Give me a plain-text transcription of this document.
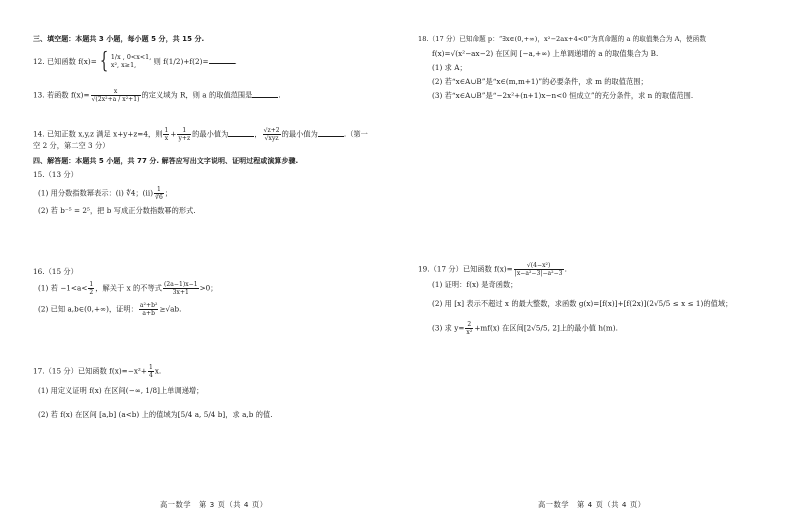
三、填空题：本题共 3 小题，每小题 5 分，共 15 分.
12. 已知函数 f(x)= { 1/x , 0<x<1,
x², x≥1, 则 f(1/2)+f(2)=	.
13. 若函数 $f(x)= \frac{x}{\text{√(2x²+a / x²+1)}}$ 的定义域为 R，则 a 的取值范围是	.
14. 已知正数 x,y,z 满足 x+y+z=4，则 $\frac{1}{x} + \frac{1}{y+z}$ 的最小值为	， $\frac{√z+2}{\text{√xyz}}$ 的最小值为	.（第一
空 2 分，第二空 3 分）
四、解答题：本题共 5 小题，共 77 分. 解答应写出文字说明、证明过程或演算步骤.
15.（13 分）
(1) 用分数指数幂表示：(i) ∜4；$(ii) \frac{1}{∛6}$ ；
(2) 若 b⁻⁵ = 2⁵，把 b 写成正分数指数幂的形式.
16.（15 分）
(1) 若 $-1<a< \frac{1}{2}$ ，解关于 x 的不等式 $\frac{(2a-1)x-1}{3x+1} >0$；
(2) 已知 a,b∈(0,+∞)，证明： $\frac{\text{a²+b²}}{a+b} \ge√ab$.
17.（15 分）已知函数 $f(x)=-x^2+ \frac{1}{4} x$.
(1) 用定义证明 f(x) 在区间(−∞, 1/8]上单调递增；
(2) 若 f(x) 在区间 [a,b] (a<b) 上的值域为[5/4 a, 5/4 b]，求 a,b 的值.
高一数学　第 3 页（共 4 页）
18.（17 分）已知命题 p：“∃x∈(0,+∞)，x²−2ax+4<0”为真命题的 a 的取值集合为 A，使函数
f(x)=√(x²−ax−2) 在区间 [−a,+∞) 上单调递增的 a 的取值集合为 B.
(1) 求 A；
(2) 若“x∈A∪B”是“x∈(m,m+1)”的必要条件，求 m 的取值范围；
(3) 若“x∈A∪B”是“−2x²+(n+1)x−n<0 恒成立”的充分条件，求 n 的取值范围.
19.（17 分）已知函数 $f(x)= \frac{\text{√(4−x²)}}{\text{|x−a²−3|−a²−3}}$ .
(1) 证明：f(x) 是奇函数；
(2) 用 [x] 表示不超过 x 的最大整数，求函数 g(x)=[f(x)]+[f(2x)](2√5/5 ≤ x ≤ 1)的值域；
(3) 求 $y= \frac{2}{\text{x²}} +mf(x)$ 在区间[2√5/5, 2]上的最小值 h(m).
高一数学　第 4 页（共 4 页）
